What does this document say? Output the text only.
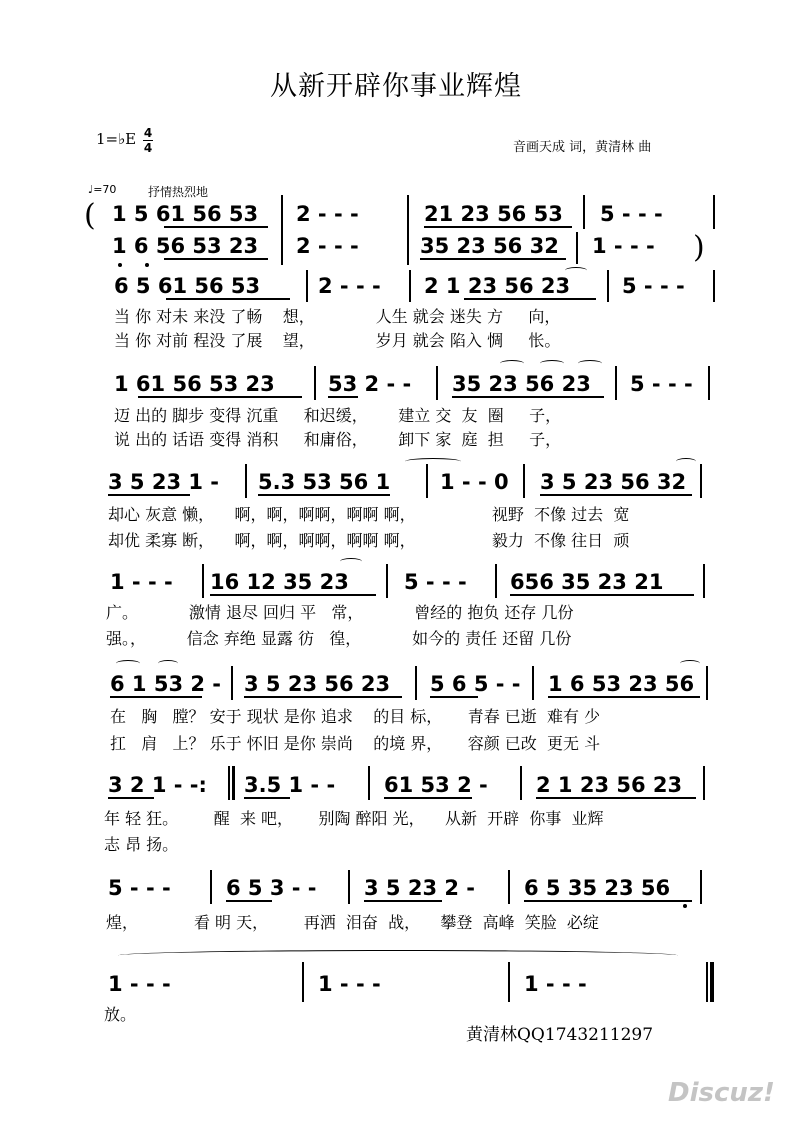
从新开辟你事业辉煌
1=♭E 4
4	音画天成 词，黄清林 曲
♩=70	抒情热烈地
(
)
1 5 61 56 53 2 - - -	21 23 56 53 5 - - -
1 6 56 53 23 2 - - -	35 23 56 32 1 - - -
6 5 61 56 53	2 - - - 2 1 23 56 23 5 - - -
当 你 对未 来没 了畅    想，            人生 就会 迷失 方     向，
当 你 对前 程没 了展    望，            岁月 就会 陷入 惆     怅。
1 61 56 53 23	53 2 - - 35 23 56 23 5 - - -
迈 出的 脚步 变得 沉重     和迟缓，      建立 交  友  圈     子，
说 出的 话语 变得 消积     和庸俗，      卸下 家  庭  担     子，
3 5 23 1 - 5.3 53 56 1 1 - - 0 3 5 23 56 32
却心 灰意 懒，    啊，啊，啊啊，啊啊 啊，               视野  不像 过去  宽
却优 柔寡 断，    啊，啊，啊啊，啊啊 啊，               毅力  不像 往日  顽
1 - - - 16 12 35 23	5 - - - 656 35 23 21
广。          激情 退尽 回归 平   常，          曾经的 抱负 还存 几份
强。，        信念 弃绝 显露 彷   徨，          如今的 责任 还留 几份
6 1 53 2 - 3 5 23 56 23 5 6 5 - - 1 6 53 23 56
在   胸   膛？ 安于 现状 是你 追求    的目 标，     青春 已逝  难有 少
扛   肩   上？ 乐于 怀旧 是你 崇尚    的境 界，     容颜 已改  更无 斗
3 2 1 - -: 3.5 1 - - 61 53 2 - 2 1 23 56 23
年 轻 狂。       醒  来 吧，     别陶 醉阳 光，    从新  开辟  你事  业辉
志 昂 扬。
5 - - -	6 5 3 - - 3 5 23 2 - 6 5 35 23 56
煌，           看 明 天，       再洒  泪奋  战，    攀登  高峰  笑脸  必绽
1 - - -	1 - - -	1 - - -
放。
黄清林QQ1743211297
Discuz!
